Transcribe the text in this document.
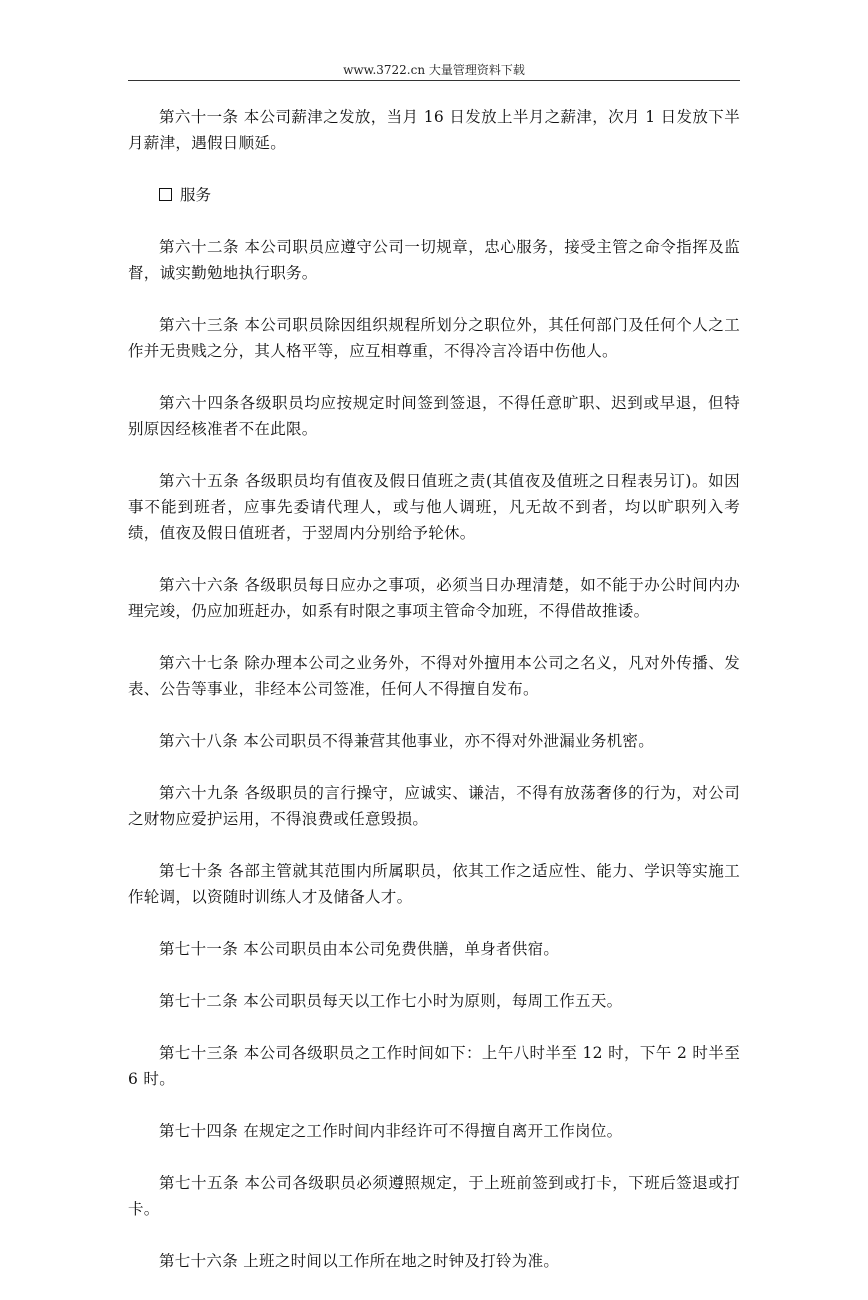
www.3722.cn 大量管理资料下载

第六十一条 本公司薪津之发放，当月 16 日发放上半月之薪津，次月 1 日发放下半月薪津，遇假日顺延。

服务

第六十二条 本公司职员应遵守公司一切规章，忠心服务，接受主管之命令指挥及监督，诚实勤勉地执行职务。

第六十三条 本公司职员除因组织规程所划分之职位外，其任何部门及任何个人之工作并无贵贱之分，其人格平等，应互相尊重，不得冷言冷语中伤他人。

第六十四条各级职员均应按规定时间签到签退，不得任意旷职、迟到或早退，但特别原因经核准者不在此限。

第六十五条 各级职员均有值夜及假日值班之责(其值夜及值班之日程表另订)。如因事不能到班者，应事先委请代理人，或与他人调班，凡无故不到者，均以旷职列入考绩，值夜及假日值班者，于翌周内分别给予轮休。

第六十六条 各级职员每日应办之事项，必须当日办理清楚，如不能于办公时间内办理完竣，仍应加班赶办，如系有时限之事项主管命令加班，不得借故推诿。

第六十七条 除办理本公司之业务外，不得对外擅用本公司之名义，凡对外传播、发表、公告等事业，非经本公司签准，任何人不得擅自发布。

第六十八条 本公司职员不得兼营其他事业，亦不得对外泄漏业务机密。

第六十九条 各级职员的言行操守，应诚实、谦洁，不得有放荡奢侈的行为，对公司之财物应爱护运用，不得浪费或任意毁损。

第七十条 各部主管就其范围内所属职员，依其工作之适应性、能力、学识等实施工作轮调，以资随时训练人才及储备人才。

第七十一条 本公司职员由本公司免费供膳，单身者供宿。

第七十二条 本公司职员每天以工作七小时为原则，每周工作五天。

第七十三条 本公司各级职员之工作时间如下：上午八时半至 12 时，下午 2 时半至 6 时。

第七十四条 在规定之工作时间内非经许可不得擅自离开工作岗位。

第七十五条 本公司各级职员必须遵照规定，于上班前签到或打卡，下班后签退或打卡。

第七十六条 上班之时间以工作所在地之时钟及打铃为准。
